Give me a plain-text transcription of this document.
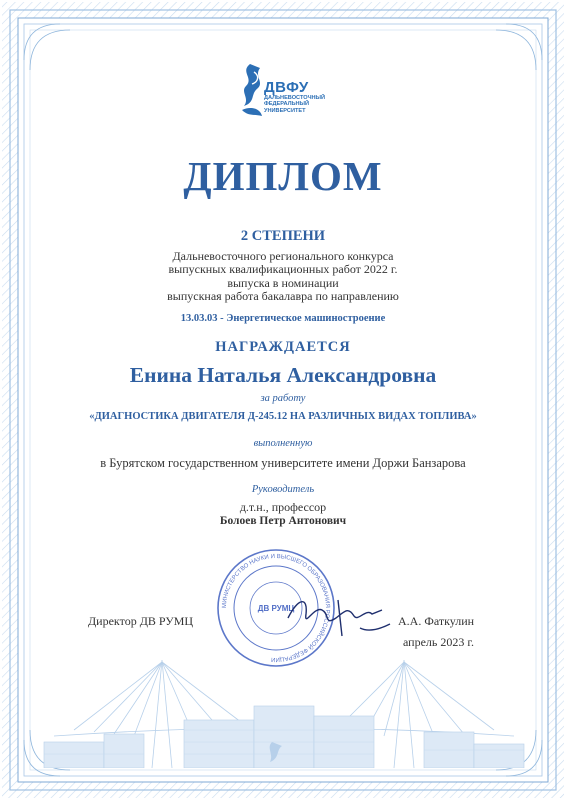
ДВФУ
ДАЛЬНЕВОСТОЧНЫЙ
ФЕДЕРАЛЬНЫЙ
УНИВЕРСИТЕТ
ДИПЛОМ
2 СТЕПЕНИ
Дальневосточного регионального конкурса
выпускных квалификационных работ 2022 г.
выпуска в номинации
выпускная работа бакалавра по направлению
13.03.03 - Энергетическое машиностроение
НАГРАЖДАЕТСЯ
Енина Наталья Александровна
за работу
«ДИАГНОСТИКА ДВИГАТЕЛЯ Д-245.12 НА РАЗЛИЧНЫХ ВИДАХ ТОПЛИВА»
выполненную
в Бурятском государственном университете имени Доржи Банзарова
Руководитель
д.т.н., профессор
Болоев Петр Антонович
МИНИСТЕРСТВО НАУКИ И ВЫСШЕГО ОБРАЗОВАНИЯ РОССИЙСКОЙ ФЕДЕРАЦИИ
ДВ РУМЦ
Директор ДВ РУМЦ	А.А. Фаткулин
апрель 2023 г.
